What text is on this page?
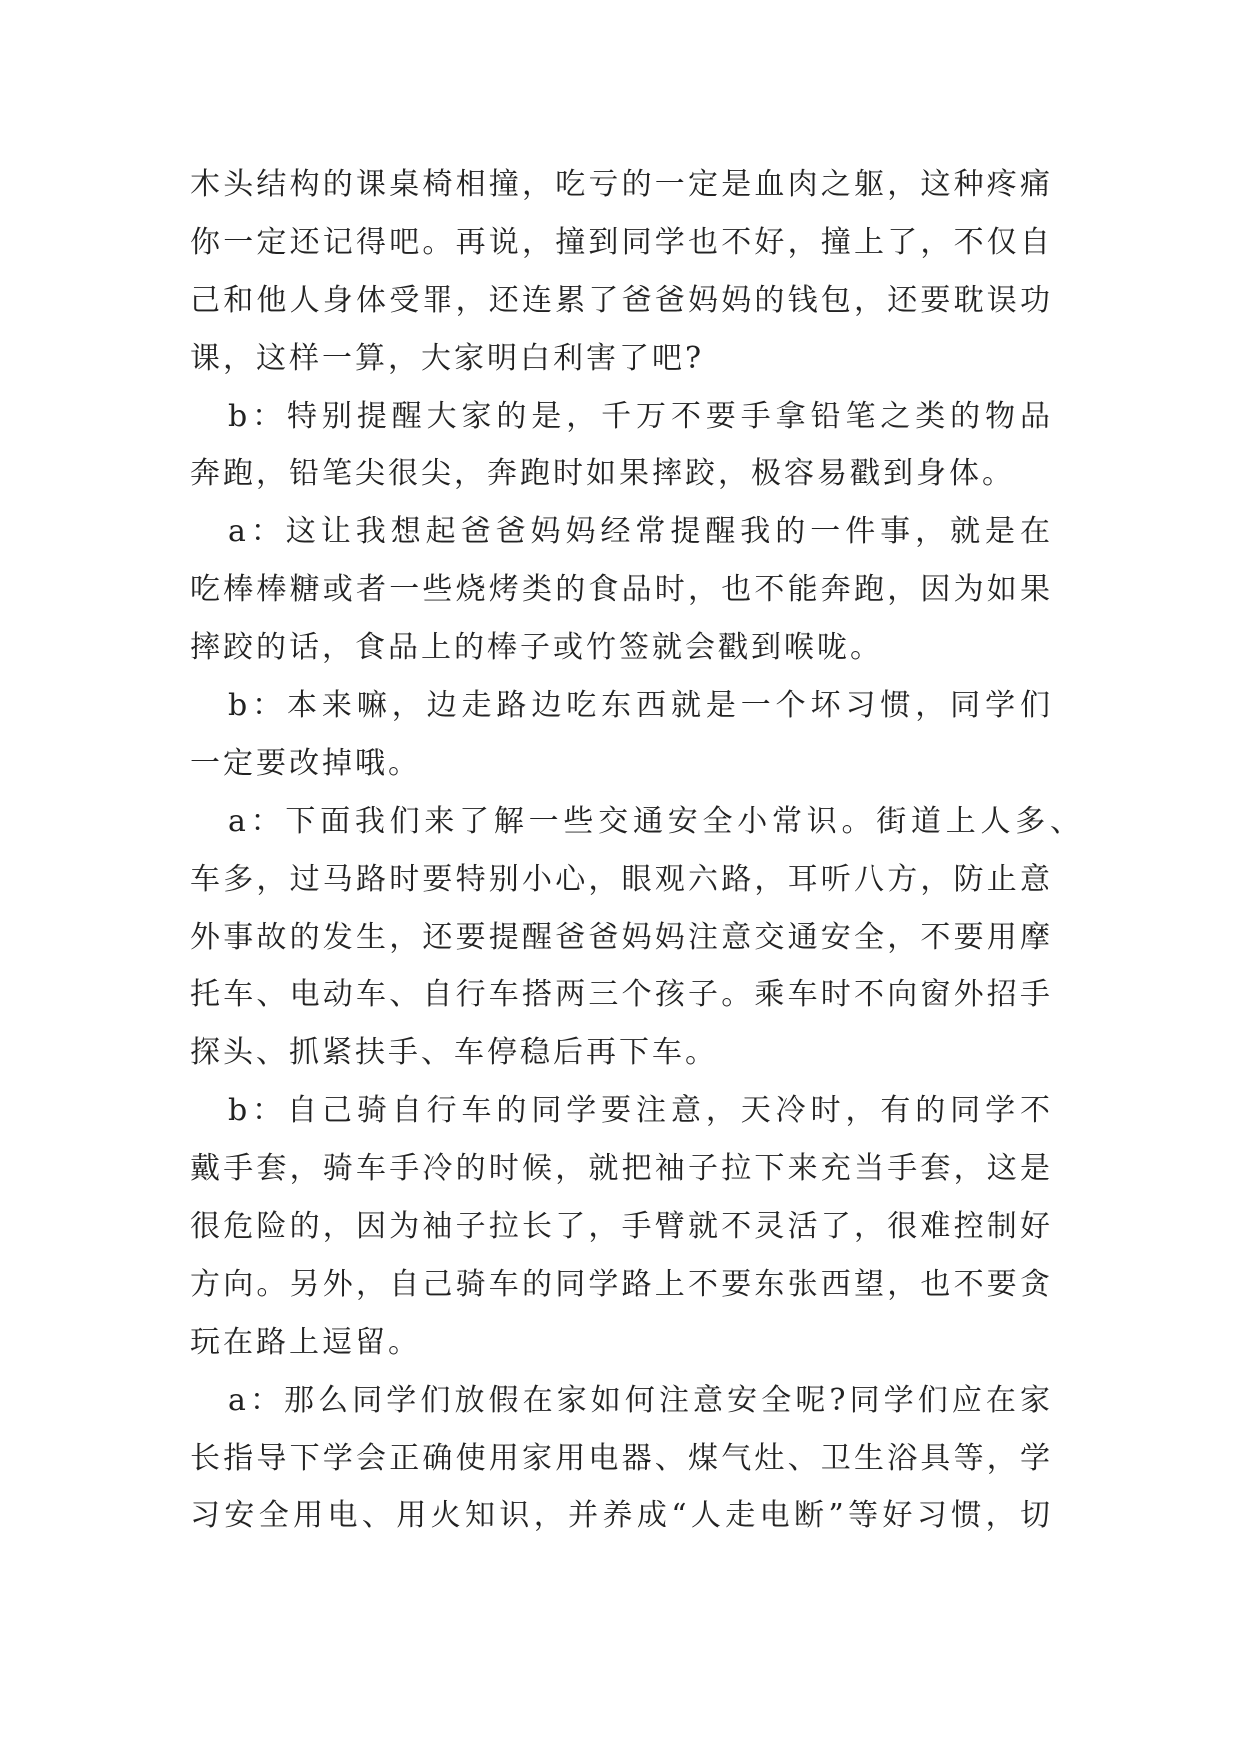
木头结构的课桌椅相撞，吃亏的一定是血肉之躯，这种疼痛
你一定还记得吧。再说，撞到同学也不好，撞上了，不仅自
己和他人身体受罪，还连累了爸爸妈妈的钱包，还要耽误功
课，这样一算，大家明白利害了吧?
b：特别提醒大家的是，千万不要手拿铅笔之类的物品
奔跑，铅笔尖很尖，奔跑时如果摔跤，极容易戳到身体。
a：这让我想起爸爸妈妈经常提醒我的一件事，就是在
吃棒棒糖或者一些烧烤类的食品时，也不能奔跑，因为如果
摔跤的话，食品上的棒子或竹签就会戳到喉咙。
b：本来嘛，边走路边吃东西就是一个坏习惯，同学们
一定要改掉哦。
a：下面我们来了解一些交通安全小常识。街道上人多、
车多，过马路时要特别小心，眼观六路，耳听八方，防止意
外事故的发生，还要提醒爸爸妈妈注意交通安全，不要用摩
托车、电动车、自行车搭两三个孩子。乘车时不向窗外招手
探头、抓紧扶手、车停稳后再下车。
b：自己骑自行车的同学要注意，天冷时，有的同学不
戴手套，骑车手冷的时候，就把袖子拉下来充当手套，这是
很危险的，因为袖子拉长了，手臂就不灵活了，很难控制好
方向。另外，自己骑车的同学路上不要东张西望，也不要贪
玩在路上逗留。
a：那么同学们放假在家如何注意安全呢?同学们应在家
长指导下学会正确使用家用电器、煤气灶、卫生浴具等，学
习安全用电、用火知识，并养成“人走电断”等好习惯，切
